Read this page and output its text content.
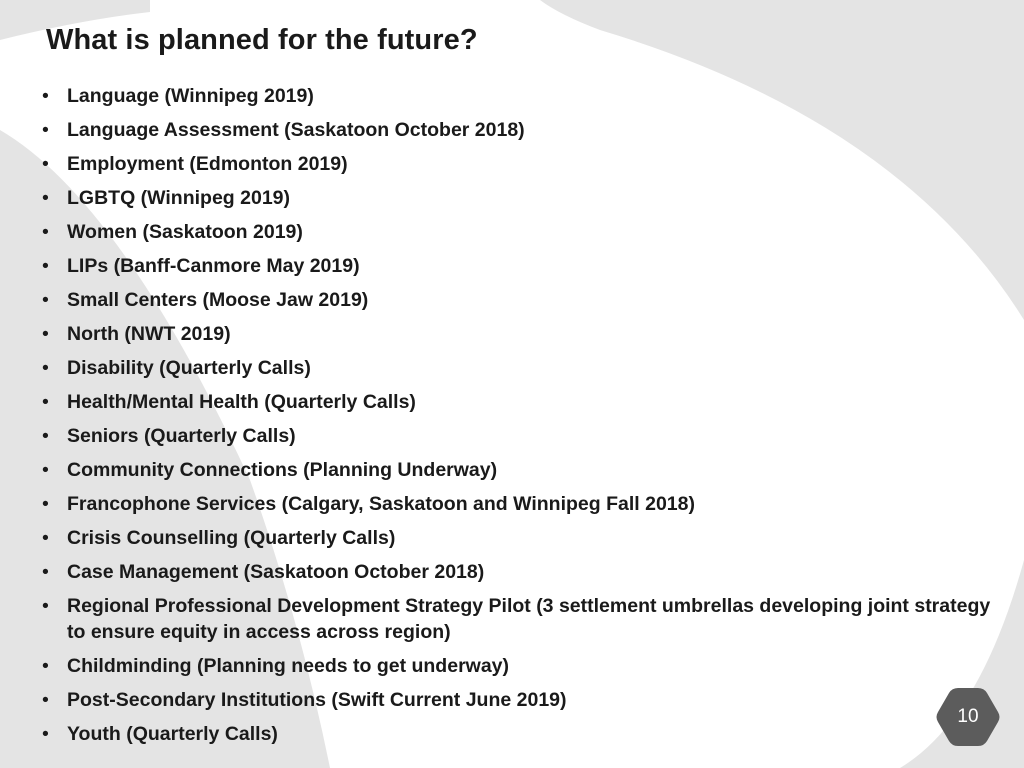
What is planned for the future?
• Language (Winnipeg 2019)
• Language Assessment (Saskatoon October 2018)
• Employment (Edmonton 2019)
• LGBTQ (Winnipeg 2019)
• Women (Saskatoon 2019)
• LIPs (Banff-Canmore May 2019)
• Small Centers (Moose Jaw 2019)
• North (NWT 2019)
• Disability (Quarterly Calls)
• Health/Mental Health (Quarterly Calls)
• Seniors (Quarterly Calls)
• Community Connections (Planning Underway)
• Francophone Services (Calgary, Saskatoon and Winnipeg Fall 2018)
• Crisis Counselling (Quarterly Calls)
• Case Management (Saskatoon October 2018)
• Regional Professional Development Strategy Pilot (3 settlement umbrellas developing joint strategy to ensure equity in access across region)
• Childminding (Planning needs to get underway)
• Post-Secondary Institutions (Swift Current June 2019)
• Youth (Quarterly Calls)
10
